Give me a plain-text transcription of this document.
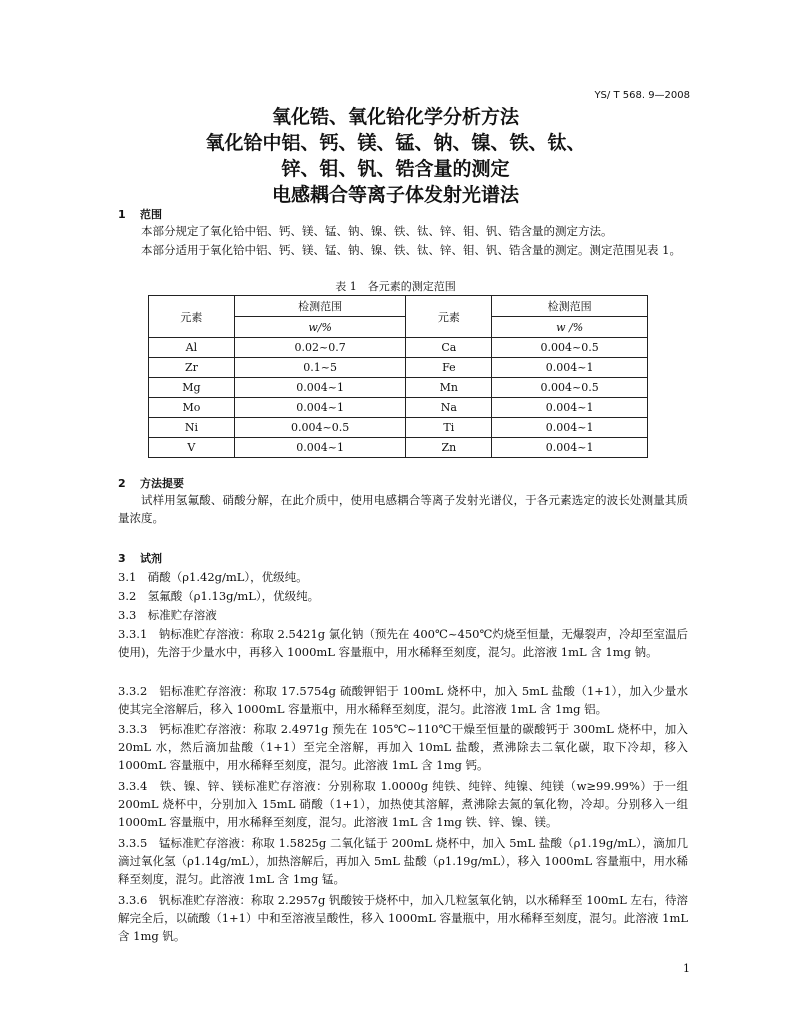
YS/ T 568. 9—2008
氧化锆、氧化铪化学分析方法
氧化铪中铝、钙、镁、锰、钠、镍、铁、钛、
锌、钼、钒、锆含量的测定
电感耦合等离子体发射光谱法
1 范围
本部分规定了氧化铪中铝、钙、镁、锰、钠、镍、铁、钛、锌、钼、钒、锆含量的测定方法。
本部分适用于氧化铪中铝、钙、镁、锰、钠、镍、铁、钛、锌、钼、钒、锆含量的测定。测定范围见表 1。
表 1　各元素的测定范围
元素	检测范围	元素	检测范围
	w/%		w /%
Al	0.02~0.7	Ca	0.004~0.5
Zr	0.1~5	Fe	0.004~1
Mg	0.004~1	Mn	0.004~0.5
Mo	0.004~1	Na	0.004~1
Ni	0.004~0.5	Ti	0.004~1
V	0.004~1	Zn	0.004~1
2 方法提要
试样用氢氟酸、硝酸分解，在此介质中，使用电感耦合等离子发射光谱仪，于各元素选定的波长处测量其质量浓度。
3 试剂
3.1　硝酸（ρ1.42g/mL），优级纯。
3.2　氢氟酸（ρ1.13g/mL），优级纯。
3.3　标准贮存溶液
3.3.1　钠标准贮存溶液：称取 2.5421g 氯化钠（预先在 400℃~450℃灼烧至恒量，无爆裂声，冷却至室温后使用)，先溶于少量水中，再移入 1000mL 容量瓶中，用水稀释至刻度，混匀。此溶液 1mL 含 1mg 钠。
3.3.2　铝标准贮存溶液：称取 17.5754g 硫酸钾铝于 100mL 烧杯中，加入 5mL 盐酸（1+1），加入少量水使其完全溶解后，移入 1000mL 容量瓶中，用水稀释至刻度，混匀。此溶液 1mL 含 1mg 铝。
3.3.3　钙标准贮存溶液：称取 2.4971g 预先在 105℃~110℃干燥至恒量的碳酸钙于 300mL 烧杯中，加入 20mL 水，然后滴加盐酸（1+1）至完全溶解，再加入 10mL 盐酸，煮沸除去二氧化碳，取下冷却，移入 1000mL 容量瓶中，用水稀释至刻度，混匀。此溶液 1mL 含 1mg 钙。
3.3.4　铁、镍、锌、镁标准贮存溶液：分别称取 1.0000g 纯铁、纯锌、纯镍、纯镁（w≥99.99%）于一组 200mL 烧杯中，分别加入 15mL 硝酸（1+1），加热使其溶解，煮沸除去氮的氧化物，冷却。分别移入一组 1000mL 容量瓶中，用水稀释至刻度，混匀。此溶液 1mL 含 1mg 铁、锌、镍、镁。
3.3.5　锰标准贮存溶液：称取 1.5825g 二氧化锰于 200mL 烧杯中，加入 5mL 盐酸（ρ1.19g/mL），滴加几滴过氧化氢（ρ1.14g/mL），加热溶解后，再加入 5mL 盐酸（ρ1.19g/mL），移入 1000mL 容量瓶中，用水稀释至刻度，混匀。此溶液 1mL 含 1mg 锰。
3.3.6　钒标准贮存溶液：称取 2.2957g 钒酸铵于烧杯中，加入几粒氢氧化钠，以水稀释至 100mL 左右，待溶解完全后，以硫酸（1+1）中和至溶液呈酸性，移入 1000mL 容量瓶中，用水稀释至刻度，混匀。此溶液 1mL 含 1mg 钒。
1
